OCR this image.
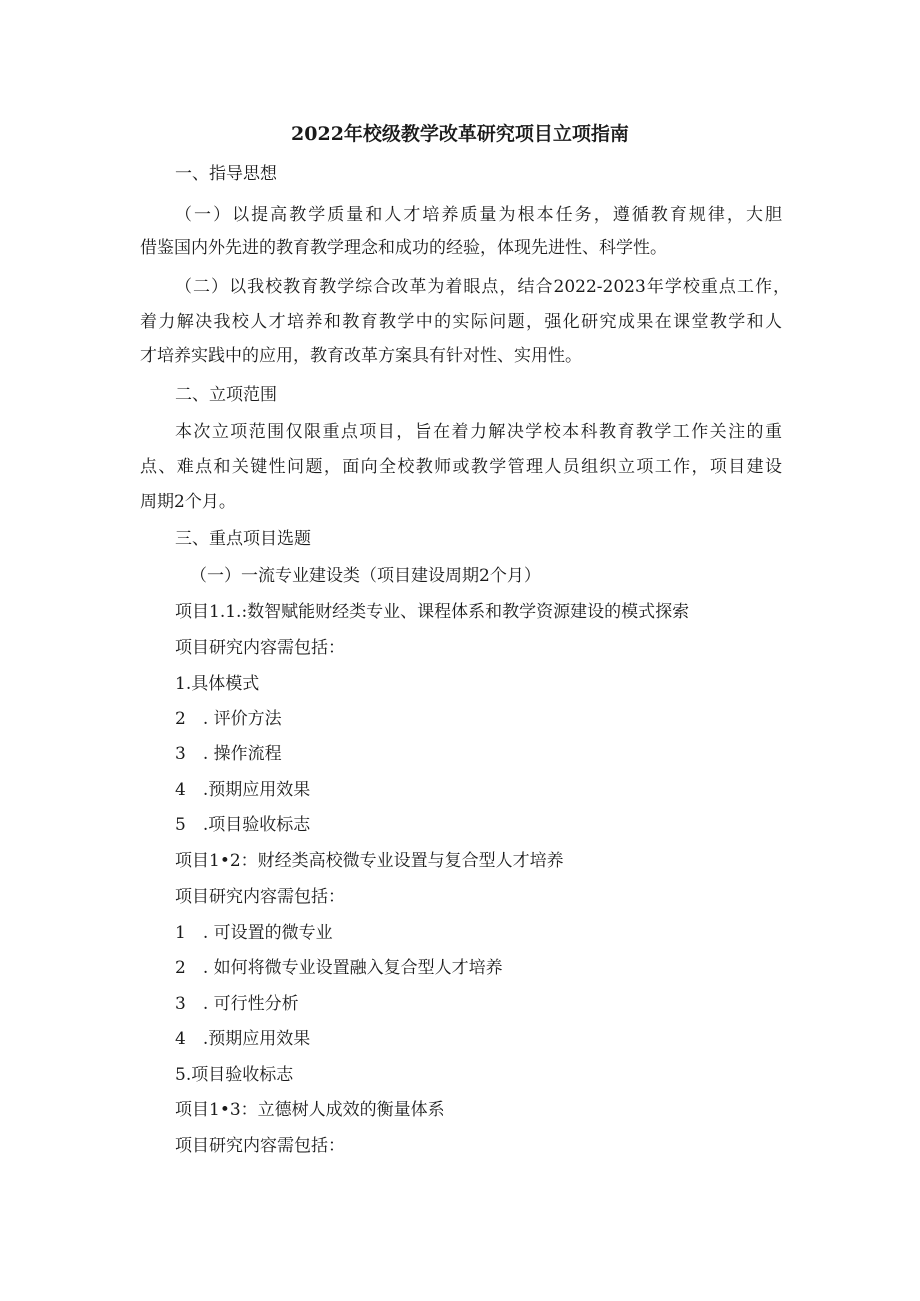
2022年校级教学改革研究项目立项指南
一、指导思想
（一）以提高教学质量和人才培养质量为根本任务，遵循教育规律，大胆
借鉴国内外先进的教育教学理念和成功的经验，体现先进性、科学性。
（二）以我校教育教学综合改革为着眼点，结合2022-2023年学校重点工作，
着力解决我校人才培养和教育教学中的实际问题，强化研究成果在课堂教学和人
才培养实践中的应用，教育改革方案具有针对性、实用性。
二、立项范围
本次立项范围仅限重点项目，旨在着力解决学校本科教育教学工作关注的重
点、难点和关键性问题，面向全校教师或教学管理人员组织立项工作，项目建设
周期2个月。
三、重点项目选题
（一）一流专业建设类（项目建设周期2个月）
项目1.1.:数智赋能财经类专业、课程体系和教学资源建设的模式探索
项目研究内容需包括：
1.具体模式
2　. 评价方法
3　. 操作流程
4　.预期应用效果
5　.项目验收标志
项目1•2：财经类高校微专业设置与复合型人才培养
项目研究内容需包括：
1　. 可设置的微专业
2　. 如何将微专业设置融入复合型人才培养
3　. 可行性分析
4　.预期应用效果
5.项目验收标志
项目1•3：立德树人成效的衡量体系
项目研究内容需包括：
